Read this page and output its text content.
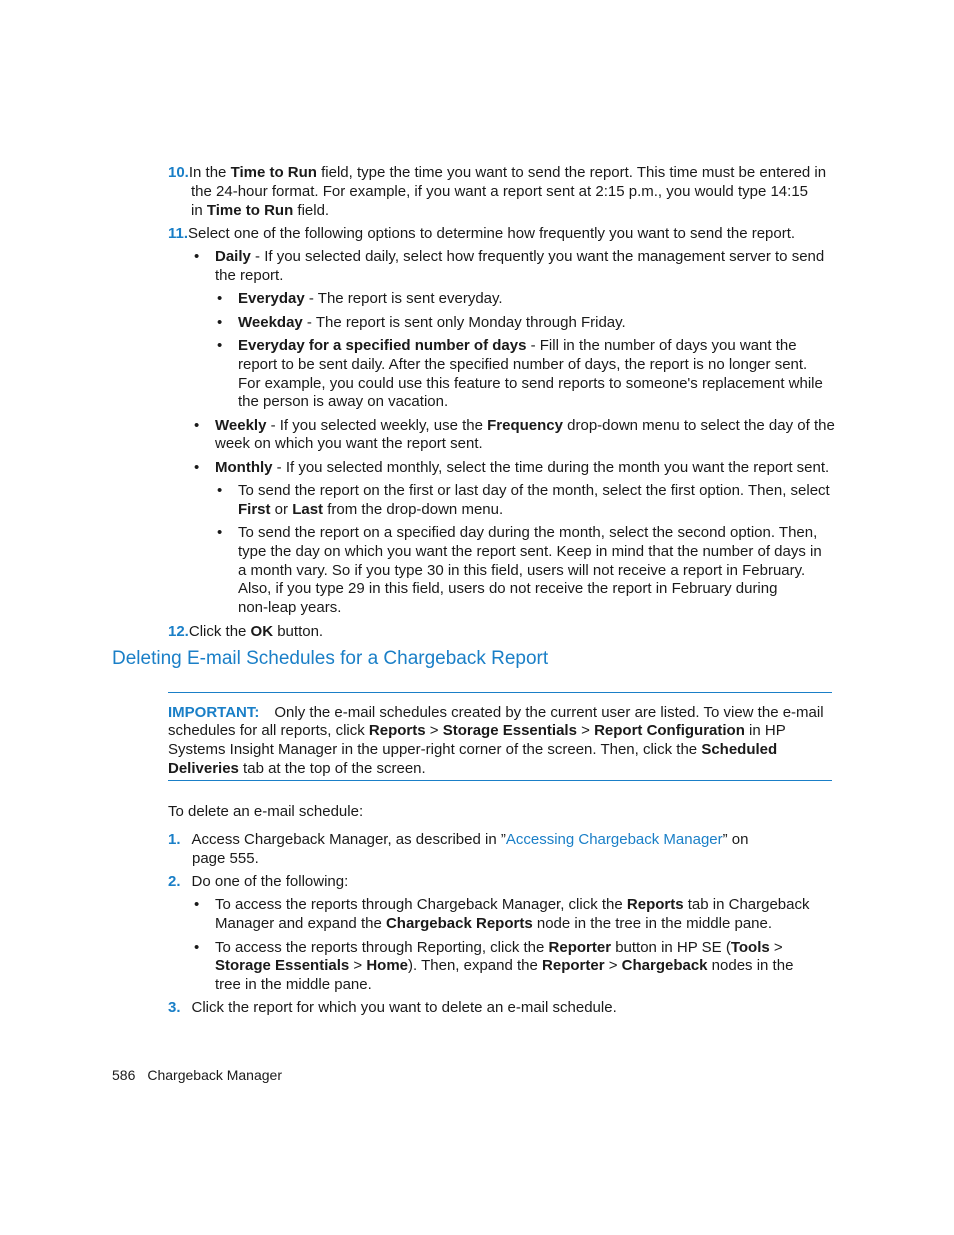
10.In the Time to Run field, type the time you want to send the report. This time must be entered in
the 24-hour format. For example, if you want a report sent at 2:15 p.m., you would type 14:15
in Time to Run field.
11.Select one of the following options to determine how frequently you want to send the report.
• Daily - If you selected daily, select how frequently you want the management server to send
the report.
• Everyday - The report is sent everyday.
• Weekday - The report is sent only Monday through Friday.
• Everyday for a specified number of days - Fill in the number of days you want the
report to be sent daily. After the specified number of days, the report is no longer sent.
For example, you could use this feature to send reports to someone's replacement while
the person is away on vacation.
• Weekly - If you selected weekly, use the Frequency drop-down menu to select the day of the
week on which you want the report sent.
• Monthly - If you selected monthly, select the time during the month you want the report sent.
• To send the report on the first or last day of the month, select the first option. Then, select
First or Last from the drop-down menu.
• To send the report on a specified day during the month, select the second option. Then,
type the day on which you want the report sent. Keep in mind that the number of days in
a month vary. So if you type 30 in this field, users will not receive a report in February.
Also, if you type 29 in this field, users do not receive the report in February during
non-leap years.
12.Click the OK button.
Deleting E-mail Schedules for a Chargeback Report
IMPORTANT: Only the e-mail schedules created by the current user are listed. To view the e-mail
schedules for all reports, click Reports > Storage Essentials > Report Configuration in HP
Systems Insight Manager in the upper-right corner of the screen. Then, click the Scheduled
Deliveries tab at the top of the screen.
To delete an e-mail schedule:
1. Access Chargeback Manager, as described in ”Accessing Chargeback Manager” on
page 555.
2. Do one of the following:
• To access the reports through Chargeback Manager, click the Reports tab in Chargeback
Manager and expand the Chargeback Reports node in the tree in the middle pane.
• To access the reports through Reporting, click the Reporter button in HP SE (Tools >
Storage Essentials > Home). Then, expand the Reporter > Chargeback nodes in the
tree in the middle pane.
3. Click the report for which you want to delete an e-mail schedule.
586 Chargeback Manager
